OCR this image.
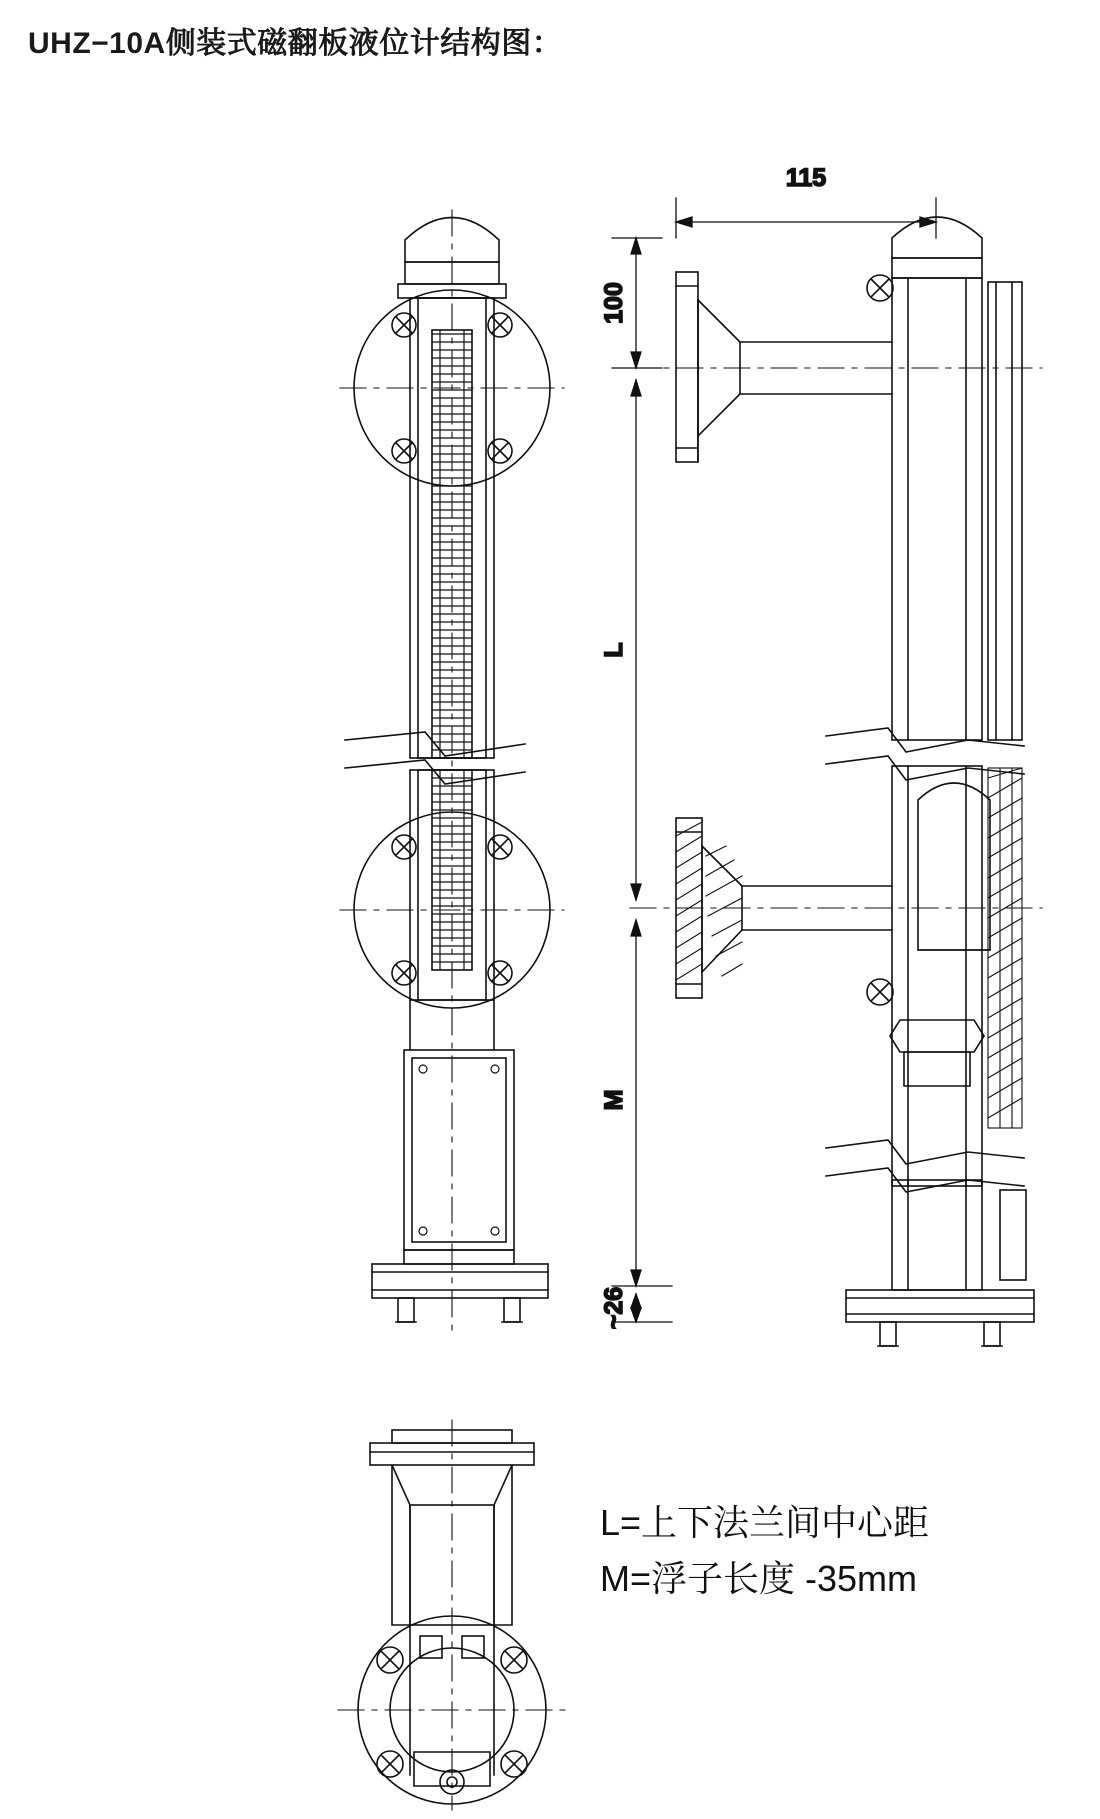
UHZ−10A侧装式磁翻板液位计结构图：
115
100
L
M
~26
L=上下法兰间中心距
M=浮子长度 -35mm
